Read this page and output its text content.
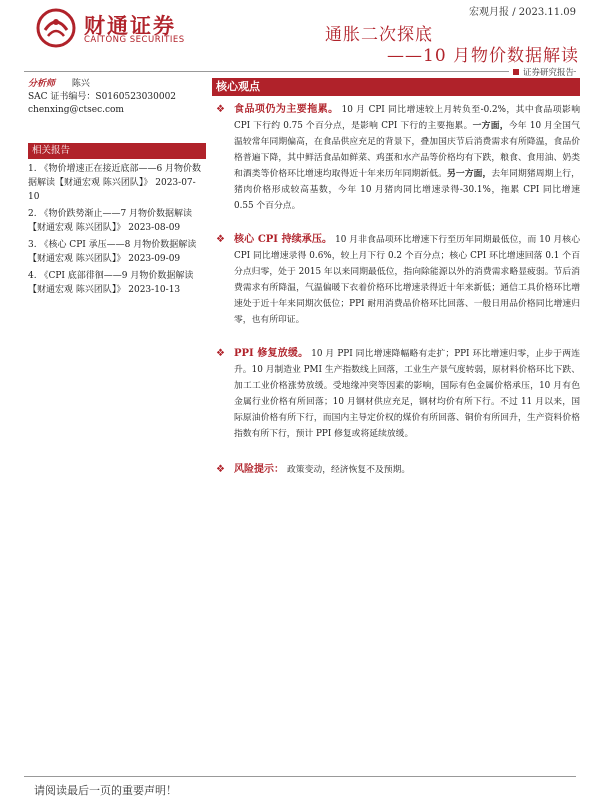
财通证券
CAITONG SECURITIES
宏观月报 / 2023.11.09
通胀二次探底
——10 月物价数据解读
证券研究报告
分析师 陈兴
SAC 证书编号：S0160523030002
chenxing@ctsec.com
相关报告
1. 《物价增速正在接近底部——6 月物价数据解读【财通宏观 陈兴团队】》 2023-07-10
2. 《物价跌势渐止——7 月物价数据解读【财通宏观 陈兴团队】》 2023-08-09
3. 《核心 CPI 承压——8 月物价数据解读【财通宏观 陈兴团队】》 2023-09-09
4. 《CPI 底部徘徊——9 月物价数据解读【财通宏观 陈兴团队】》 2023-10-13
核心观点
❖ 食品项仍为主要拖累。 10 月 CPI 同比增速较上月转负至-0.2%，其中食品项影响 CPI 下行约 0.75 个百分点，是影响 CPI 下行的主要拖累。一方面，今年 10 月全国气温较常年同期偏高，在食品供应充足的背景下，叠加国庆节后消费需求有所降温，食品价格普遍下降，其中鲜活食品如鲜菜、鸡蛋和水产品等价格均有下跌，粮食、食用油、奶类和酒类等价格环比增速均取得近十年来历年同期新低。另一方面，去年同期猪周期上行，猪肉价格形成较高基数，今年 10 月猪肉同比增速录得-30.1%，拖累 CPI 同比增速 0.55 个百分点。
❖ 核心 CPI 持续承压。 10 月非食品项环比增速下行至历年同期最低位，而 10 月核心 CPI 同比增速录得 0.6%，较上月下行 0.2 个百分点；核心 CPI 环比增速回落 0.1 个百分点归零，处于 2015 年以来同期最低位，指向除能源以外的消费需求略显疲弱。节后消费需求有所降温，气温偏暖下衣着价格环比增速录得近十年来新低；通信工具价格环比增速处于近十年来同期次低位；PPI 耐用消费品价格环比回落、一般日用品价格同比增速归零，也有所印证。
❖ PPI 修复放缓。 10 月 PPI 同比增速降幅略有走扩；PPI 环比增速归零，止步于两连升。10 月制造业 PMI 生产指数线上回落，工业生产景气度转弱，原材料价格环比下跌、加工工业价格涨势放缓。受地缘冲突等因素的影响，国际有色金属价格承压，10 月有色金属行业价格有所回落；10 月钢材供应充足，钢材均价有所下行。不过 11 月以来，国际原油价格有所下行，而国内主导定价权的煤价有所回落、铜价有所回升，生产资料价格指数有所下行，预计 PPI 修复或将延续放缓。
❖ 风险提示： 政策变动，经济恢复不及预期。
请阅读最后一页的重要声明！
